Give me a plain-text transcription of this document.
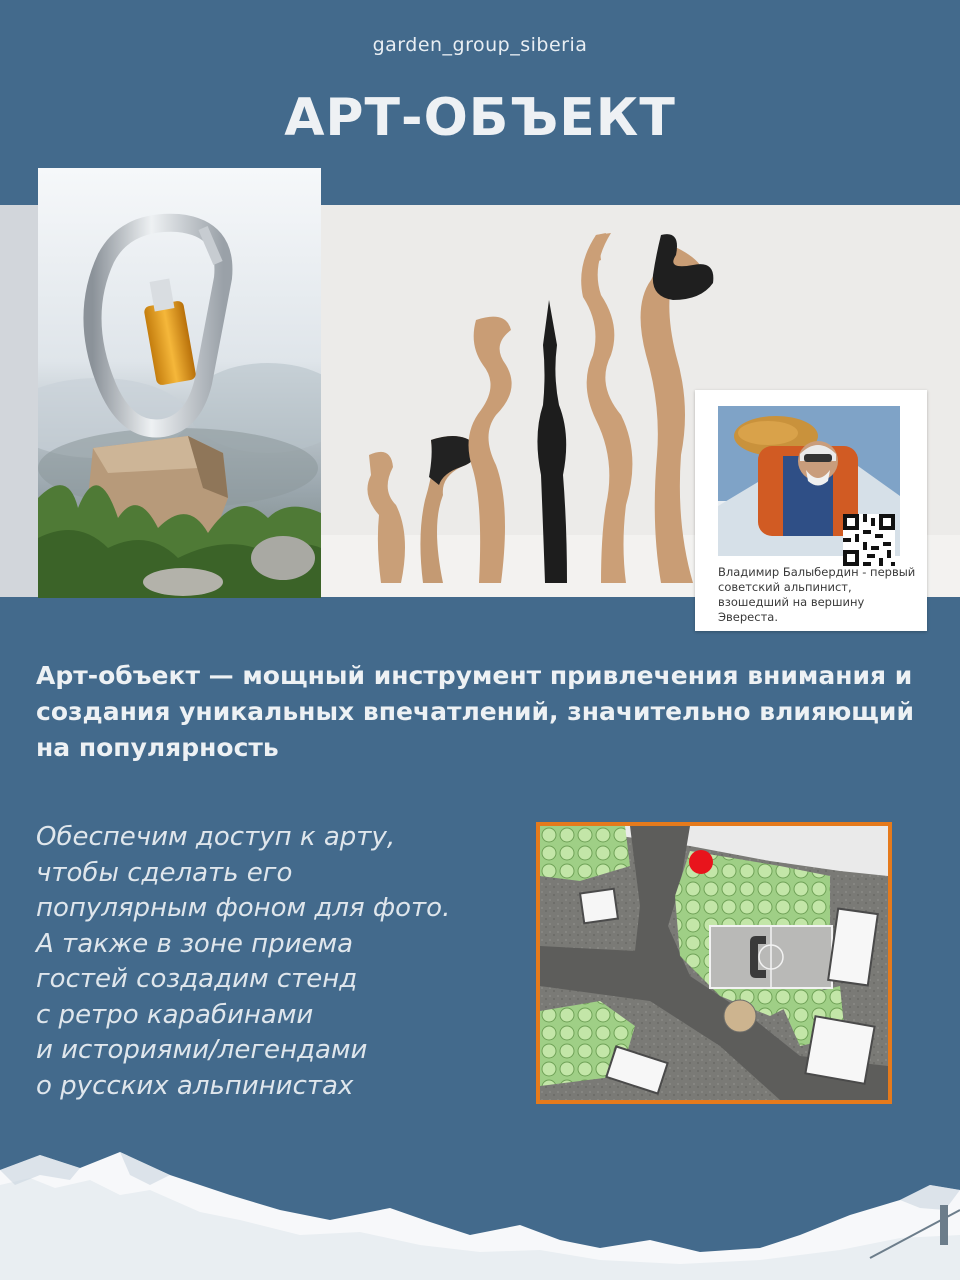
garden_group_siberia
АРТ-ОБЪЕКТ
Владимир Балыбердин - первый советский альпинист, взошедший на вершину Эвереста.

Арт-объект — мощный инструмент привлечения внимания и создания уникальных впечатлений, значительно влияющий на популярность

Обеспечим доступ к арту,
чтобы сделать его
популярным фоном для фото.
А также в зоне приема
гостей создадим стенд
с ретро карабинами
и историями/легендами
о русских альпинистах
